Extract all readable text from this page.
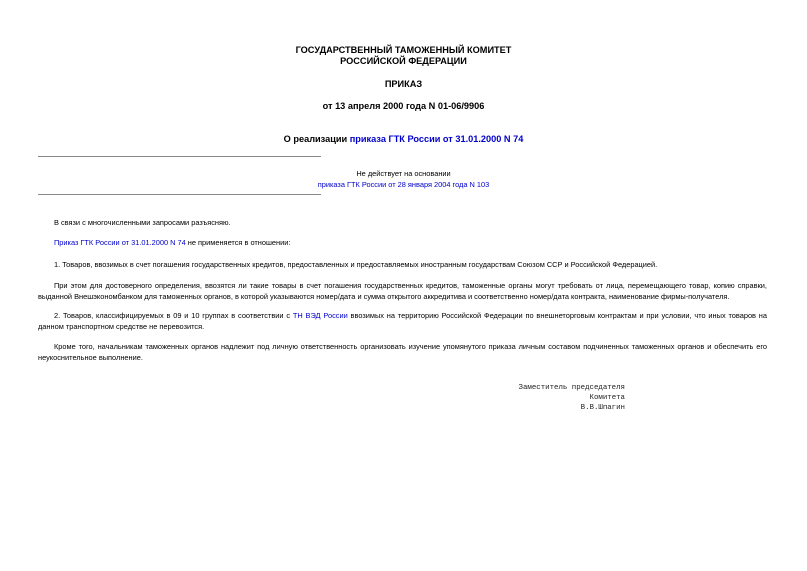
ГОСУДАРСТВЕННЫЙ ТАМОЖЕННЫЙ КОМИТЕТ
РОССИЙСКОЙ ФЕДЕРАЦИИ
ПРИКАЗ
от 13 апреля 2000 года N 01-06/9906
О реализации приказа ГТК России от 31.01.2000 N 74
Не действует на основании
приказа ГТК России от 28 января 2004 года N 103
В связи с многочисленными запросами разъясняю.
Приказ ГТК России от 31.01.2000 N 74 не применяется в отношении:
1. Товаров, ввозимых в счет погашения государственных кредитов, предоставленных и предоставляемых иностранным государствам Союзом ССР и Российской Федерацией.
При этом для достоверного определения, ввозятся ли такие товары в счет погашения государственных кредитов, таможенные органы могут требовать от лица, перемещающего товар, копию справки, выданной Внешэкономбанком для таможенных органов, в которой указываются номер/дата и сумма открытого аккредитива и соответственно номер/дата контракта, наименование фирмы-получателя.
2. Товаров, классифицируемых в 09 и 10 группах в соответствии с ТН ВЭД России ввозимых на территорию Российской Федерации по внешнеторговым контрактам и при условии, что иных товаров на данном транспортном средстве не перевозится.
Кроме того, начальникам таможенных органов надлежит под личную ответственность организовать изучение упомянутого приказа личным составом подчиненных таможенных органов и обеспечить его неукоснительное выполнение.
Заместитель председателя
Комитета
В.В.Шпагин
